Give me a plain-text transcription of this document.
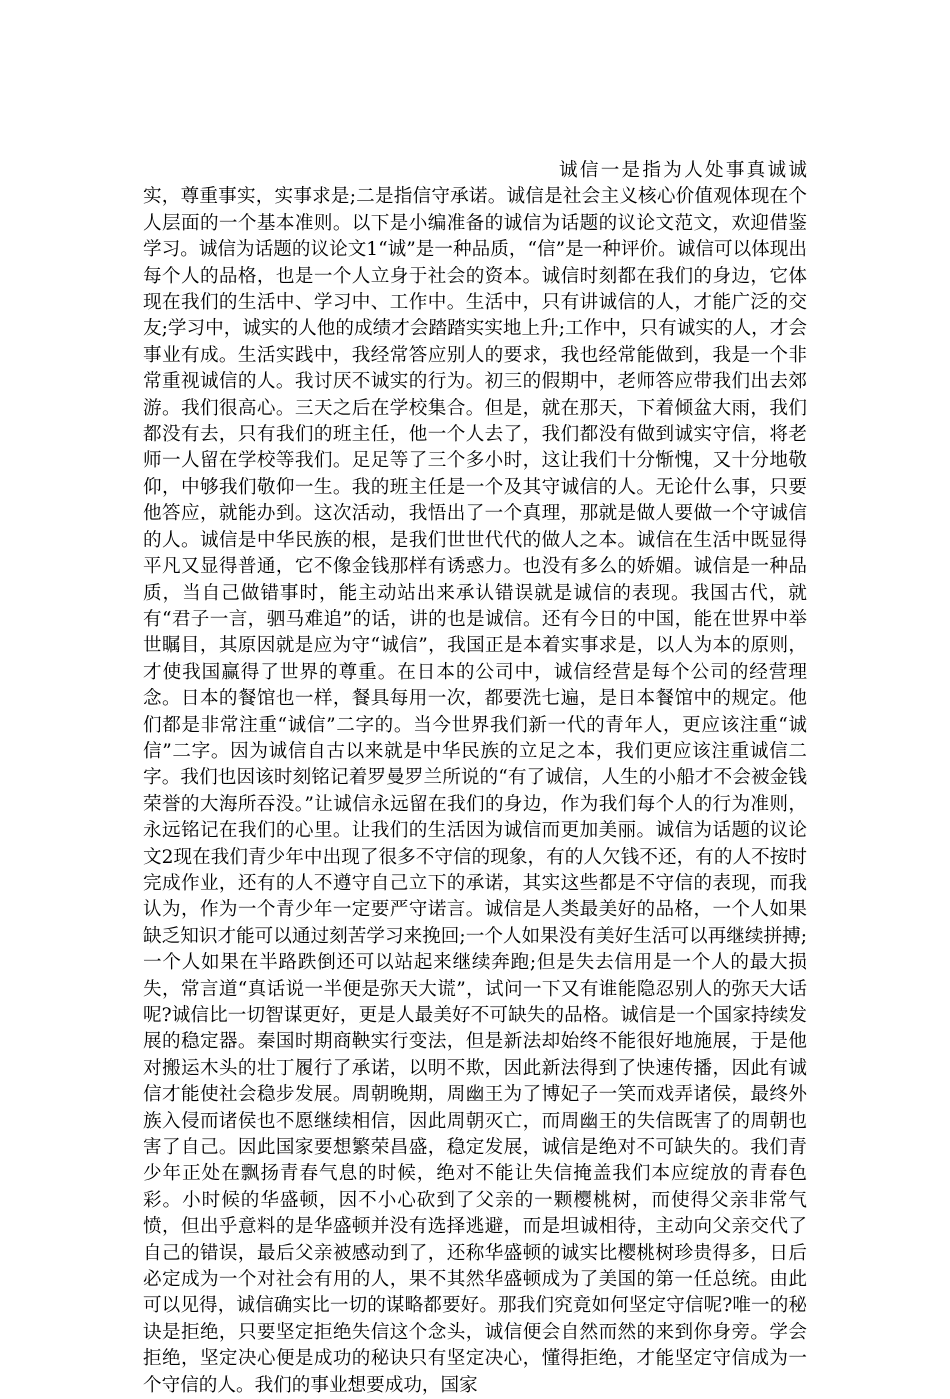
诚信一是指为人处事真诚诚实，尊重事实，实事求是;二是指信守承诺。诚信是社会主义核心价值观体现在个人层面的一个基本准则。以下是小编准备的诚信为话题的议论文范文，欢迎借鉴学习。诚信为话题的议论文1“诚”是一种品质，“信”是一种评价。诚信可以体现出每个人的品格，也是一个人立身于社会的资本。诚信时刻都在我们的身边，它体现在我们的生活中、学习中、工作中。生活中，只有讲诚信的人，才能广泛的交友;学习中，诚实的人他的成绩才会踏踏实实地上升;工作中，只有诚实的人，才会事业有成。生活实践中，我经常答应别人的要求，我也经常能做到，我是一个非常重视诚信的人。我讨厌不诚实的行为。初三的假期中，老师答应带我们出去郊游。我们很高心。三天之后在学校集合。但是，就在那天，下着倾盆大雨，我们都没有去，只有我们的班主任，他一个人去了，我们都没有做到诚实守信，将老师一人留在学校等我们。足足等了三个多小时，这让我们十分惭愧，又十分地敬仰，中够我们敬仰一生。我的班主任是一个及其守诚信的人。无论什么事，只要他答应，就能办到。这次活动，我悟出了一个真理，那就是做人要做一个守诚信的人。诚信是中华民族的根，是我们世世代代的做人之本。诚信在生活中既显得平凡又显得普通，它不像金钱那样有诱惑力。也没有多么的娇媚。诚信是一种品质，当自己做错事时，能主动站出来承认错误就是诚信的表现。我国古代，就有“君子一言，驷马难追”的话，讲的也是诚信。还有今日的中国，能在世界中举世瞩目，其原因就是应为守“诚信”，我国正是本着实事求是，以人为本的原则，才使我国赢得了世界的尊重。在日本的公司中，诚信经营是每个公司的经营理念。日本的餐馆也一样，餐具每用一次，都要洗七遍，是日本餐馆中的规定。他们都是非常注重“诚信”二字的。当今世界我们新一代的青年人，更应该注重“诚信”二字。因为诚信自古以来就是中华民族的立足之本，我们更应该注重诚信二字。我们也因该时刻铭记着罗曼罗兰所说的“有了诚信，人生的小船才不会被金钱荣誉的大海所吞没。”让诚信永远留在我们的身边，作为我们每个人的行为准则，永远铭记在我们的心里。让我们的生活因为诚信而更加美丽。诚信为话题的议论文2现在我们青少年中出现了很多不守信的现象，有的人欠钱不还，有的人不按时完成作业，还有的人不遵守自己立下的承诺，其实这些都是不守信的表现，而我认为，作为一个青少年一定要严守诺言。诚信是人类最美好的品格，一个人如果缺乏知识才能可以通过刻苦学习来挽回;一个人如果没有美好生活可以再继续拼搏;一个人如果在半路跌倒还可以站起来继续奔跑;但是失去信用是一个人的最大损失，常言道“真话说一半便是弥天大谎”，试问一下又有谁能隐忍别人的弥天大话呢?诚信比一切智谋更好，更是人最美好不可缺失的品格。诚信是一个国家持续发展的稳定器。秦国时期商鞅实行变法，但是新法却始终不能很好地施展，于是他对搬运木头的壮丁履行了承诺，以明不欺，因此新法得到了快速传播，因此有诚信才能使社会稳步发展。周朝晚期，周幽王为了博妃子一笑而戏弄诸侯，最终外族入侵而诸侯也不愿继续相信，因此周朝灭亡，而周幽王的失信既害了的周朝也害了自己。因此国家要想繁荣昌盛，稳定发展，诚信是绝对不可缺失的。我们青少年正处在飘扬青春气息的时候，绝对不能让失信掩盖我们本应绽放的青春色彩。小时候的华盛顿，因不小心砍到了父亲的一颗樱桃树，而使得父亲非常气愤，但出乎意料的是华盛顿并没有选择逃避，而是坦诚相待，主动向父亲交代了自己的错误，最后父亲被感动到了，还称华盛顿的诚实比樱桃树珍贵得多，日后必定成为一个对社会有用的人，果不其然华盛顿成为了美国的第一任总统。由此可以见得，诚信确实比一切的谋略都要好。那我们究竟如何坚定守信呢?唯一的秘诀是拒绝，只要坚定拒绝失信这个念头，诚信便会自然而然的来到你身旁。学会拒绝，坚定决心便是成功的秘诀只有坚定决心，懂得拒绝，才能坚定守信成为一个守信的人。我们的事业想要成功，国家
